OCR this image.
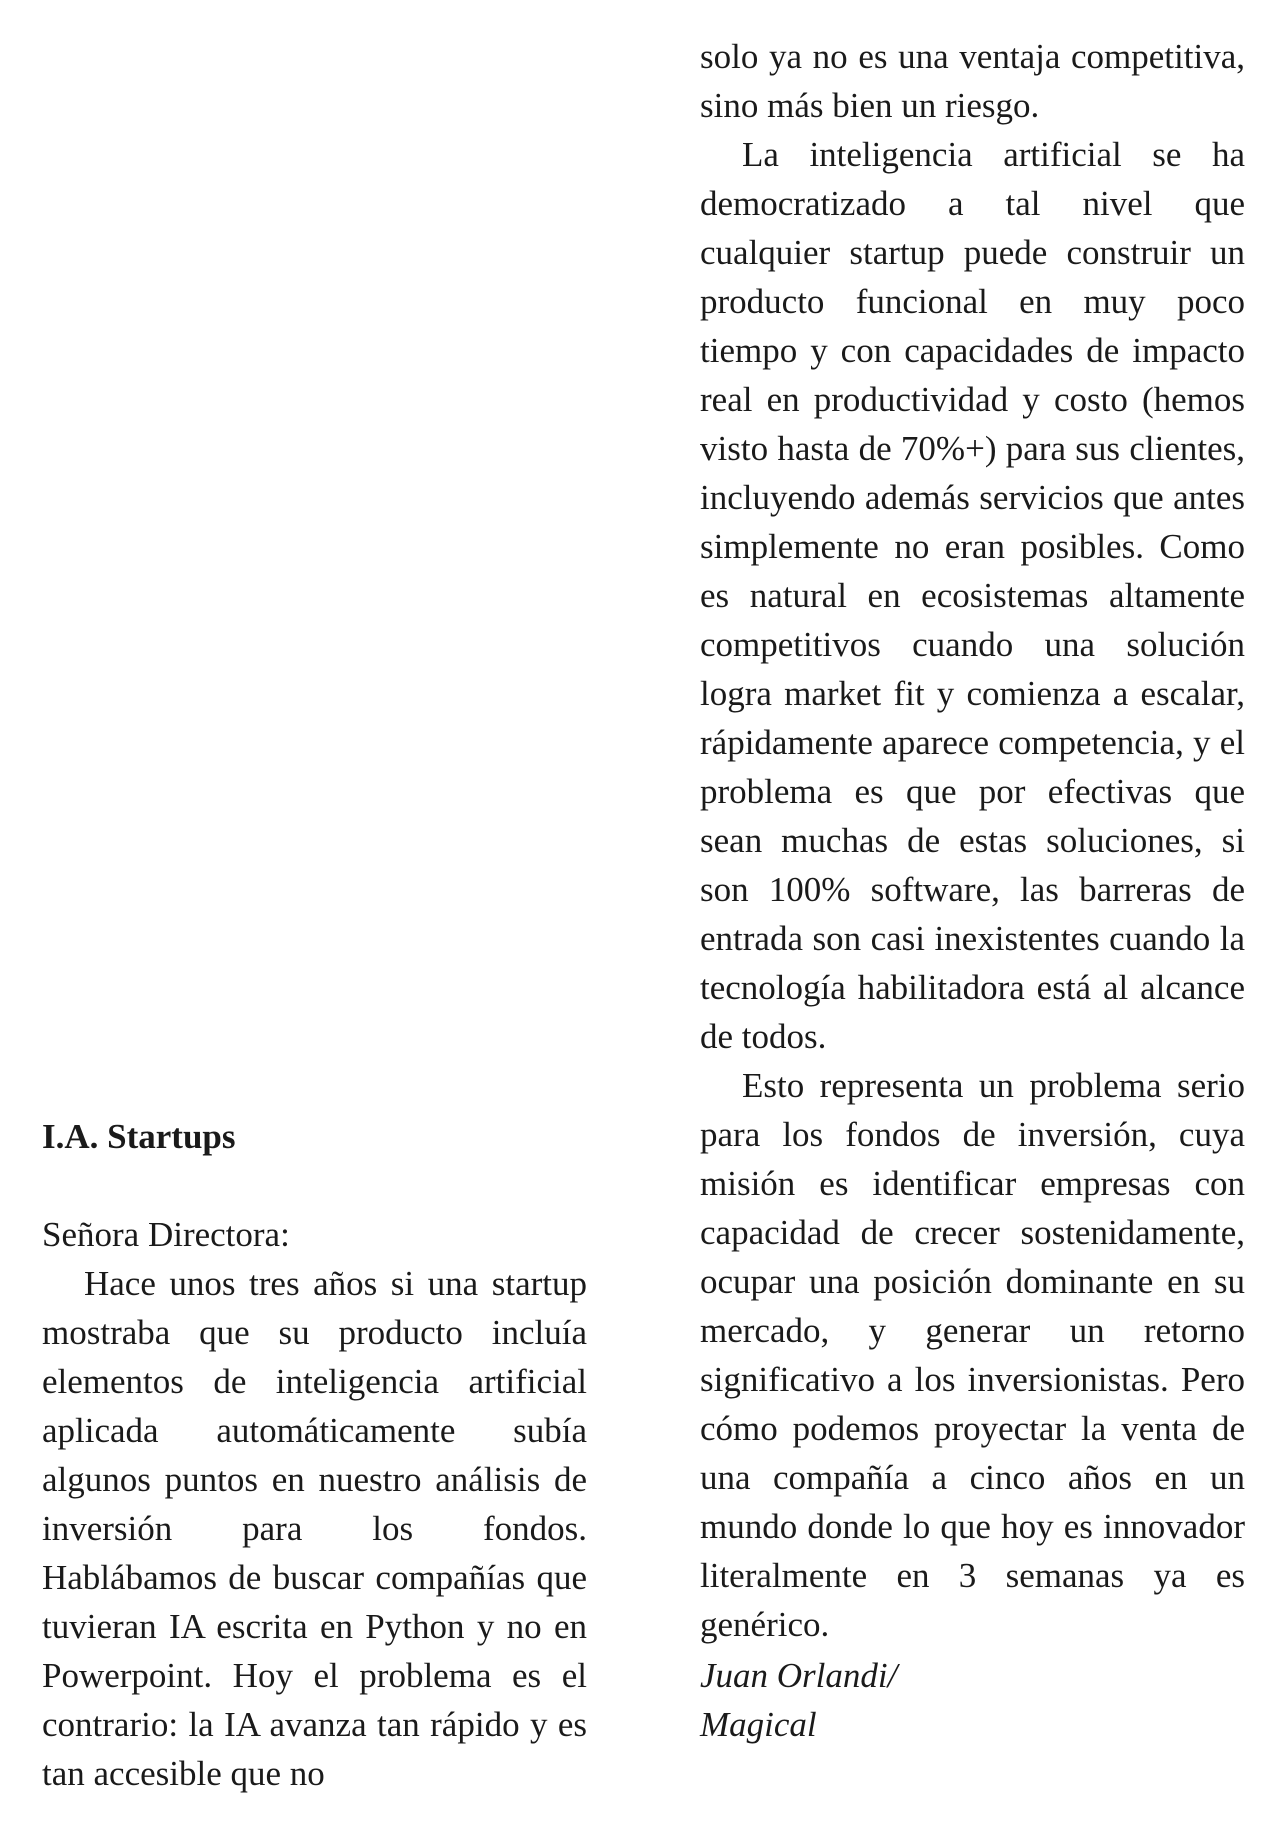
I.A. Startups

Señora Directora:

Hace unos tres años si una startup mostraba que su producto incluía elementos de inteligencia artificial aplicada automáticamente subía algunos puntos en nuestro análisis de inversión para los fondos. Hablábamos de buscar compañías que tuvieran IA escrita en Python y no en Powerpoint. Hoy el problema es el contrario: la IA avanza tan rápido y es tan accesible que no

solo ya no es una ventaja competitiva, sino más bien un riesgo.

La inteligencia artificial se ha democratizado a tal nivel que cualquier startup puede construir un producto funcional en muy poco tiempo y con capacidades de impacto real en productividad y costo (hemos visto hasta de 70%+) para sus clientes, incluyendo además servicios que antes simplemente no eran posibles. Como es natural en ecosistemas altamente competitivos cuando una solución logra market fit y comienza a escalar, rápidamente aparece competencia, y el problema es que por efectivas que sean muchas de estas soluciones, si son 100% software, las barreras de entrada son casi inexistentes cuando la tecnología habilitadora está al alcance de todos.

Esto representa un problema serio para los fondos de inversión, cuya misión es identificar empresas con capacidad de crecer sostenidamente, ocupar una posición dominante en su mercado, y generar un retorno significativo a los inversionistas. Pero cómo podemos proyectar la venta de una compañía a cinco años en un mundo donde lo que hoy es innovador literalmente en 3 semanas ya es genérico.

Juan Orlandi/
Magical
